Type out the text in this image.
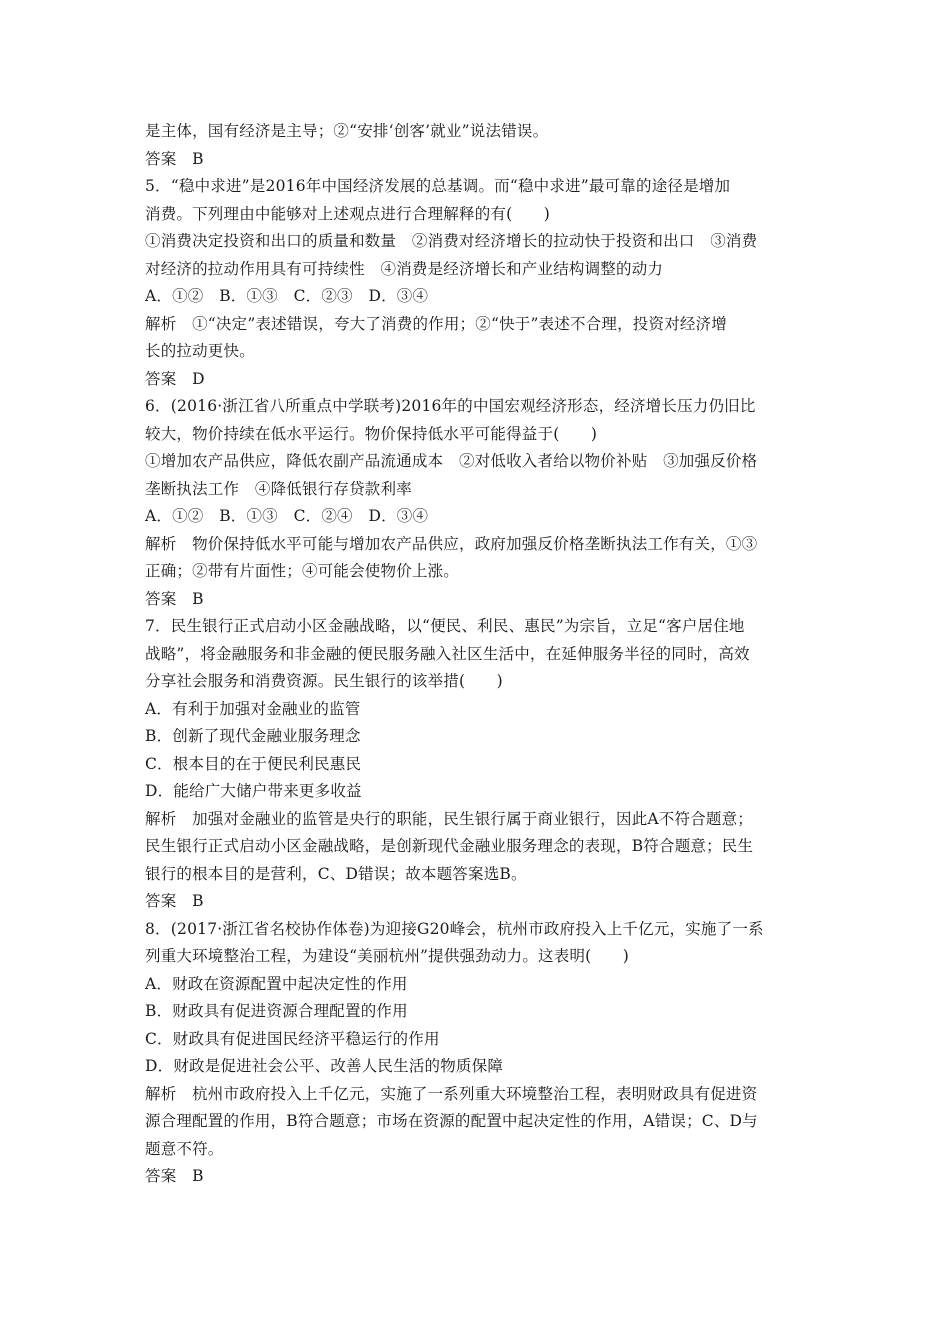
是主体，国有经济是主导；②“安排‘创客’就业”说法错误。
答案　B
5．“稳中求进”是2016年中国经济发展的总基调。而“稳中求进”最可靠的途径是增加
消费。下列理由中能够对上述观点进行合理解释的有(　　)
①消费决定投资和出口的质量和数量　②消费对经济增长的拉动快于投资和出口　③消费
对经济的拉动作用具有可持续性　④消费是经济增长和产业结构调整的动力
A．①②　B．①③　C．②③　D．③④
解析　①“决定”表述错误，夸大了消费的作用；②“快于”表述不合理，投资对经济增
长的拉动更快。
答案　D
6．(2016·浙江省八所重点中学联考)2016年的中国宏观经济形态，经济增长压力仍旧比
较大，物价持续在低水平运行。物价保持低水平可能得益于(　　)
①增加农产品供应，降低农副产品流通成本　②对低收入者给以物价补贴　③加强反价格
垄断执法工作　④降低银行存贷款利率
A．①②　B．①③　C．②④　D．③④
解析　物价保持低水平可能与增加农产品供应，政府加强反价格垄断执法工作有关，①③
正确；②带有片面性；④可能会使物价上涨。
答案　B
7．民生银行正式启动小区金融战略，以“便民、利民、惠民”为宗旨，立足“客户居住地
战略”，将金融服务和非金融的便民服务融入社区生活中，在延伸服务半径的同时，高效
分享社会服务和消费资源。民生银行的该举措(　　)
A．有利于加强对金融业的监管
B．创新了现代金融业服务理念
C．根本目的在于便民利民惠民
D．能给广大储户带来更多收益
解析　加强对金融业的监管是央行的职能，民生银行属于商业银行，因此A不符合题意；
民生银行正式启动小区金融战略，是创新现代金融业服务理念的表现，B符合题意；民生
银行的根本目的是营利，C、D错误；故本题答案选B。
答案　B
8．(2017·浙江省名校协作体卷)为迎接G20峰会，杭州市政府投入上千亿元，实施了一系
列重大环境整治工程，为建设“美丽杭州”提供强劲动力。这表明(　　)
A．财政在资源配置中起决定性的作用
B．财政具有促进资源合理配置的作用
C．财政具有促进国民经济平稳运行的作用
D．财政是促进社会公平、改善人民生活的物质保障
解析　杭州市政府投入上千亿元，实施了一系列重大环境整治工程，表明财政具有促进资
源合理配置的作用，B符合题意；市场在资源的配置中起决定性的作用，A错误；C、D与
题意不符。
答案　B
